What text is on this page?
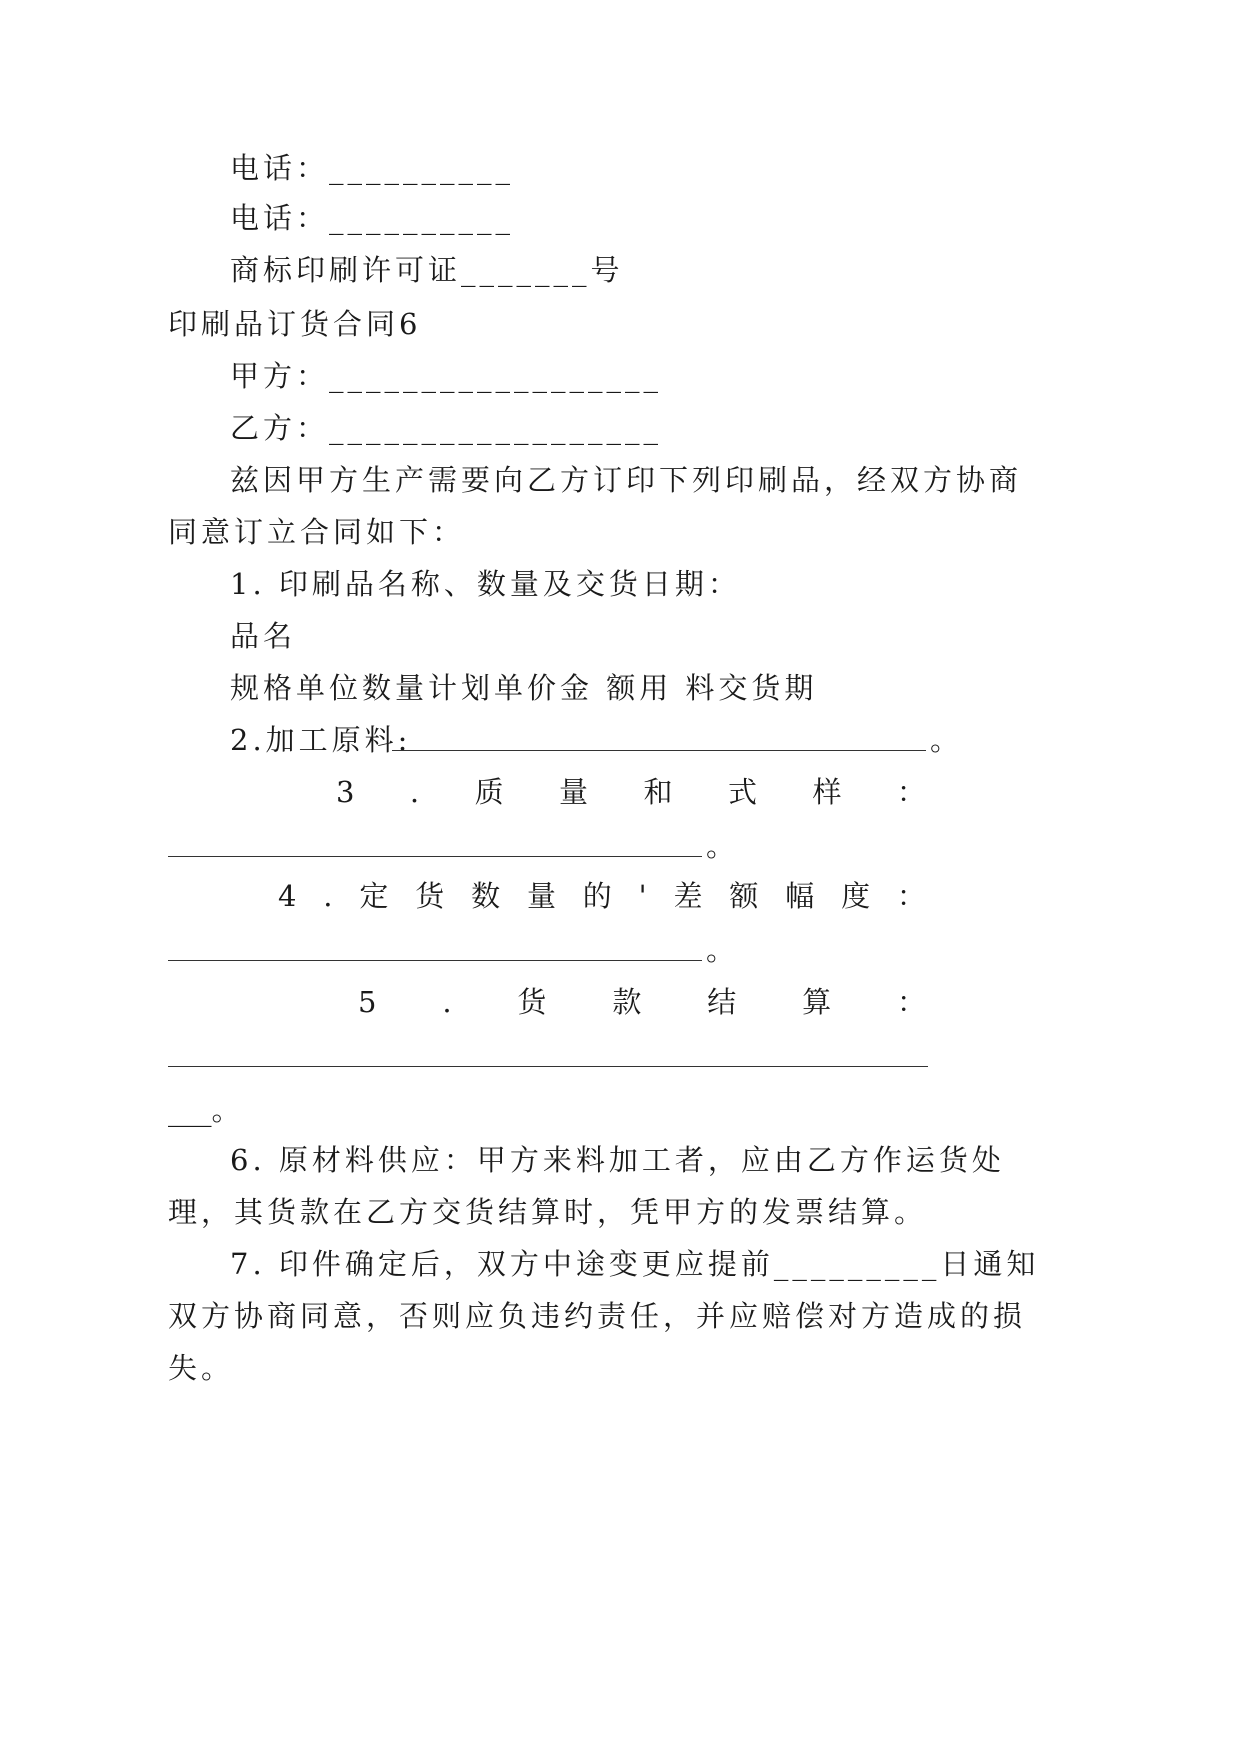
电话：__________

电话：__________

商标印刷许可证_______号

印刷品订货合同6

甲方：__________________

乙方：__________________

兹因甲方生产需要向乙方订印下列印刷品，经双方协商

同意订立合同如下：

1. 印刷品名称、数量及交货日期：

品名

规格单位数量计划单价金 额用 料交货期

2.加工原料:	。
3 . 质 量 和 式 样 ：
。
4 . 定 货 数 量 的 ' 差 额 幅 度 ：
。
5 . 货 款 结 算 ：

___。

6. 原材料供应：甲方来料加工者，应由乙方作运货处

理，其货款在乙方交货结算时，凭甲方的发票结算。

7. 印件确定后，双方中途变更应提前_________日通知

双方协商同意，否则应负违约责任，并应赔偿对方造成的损

失。
